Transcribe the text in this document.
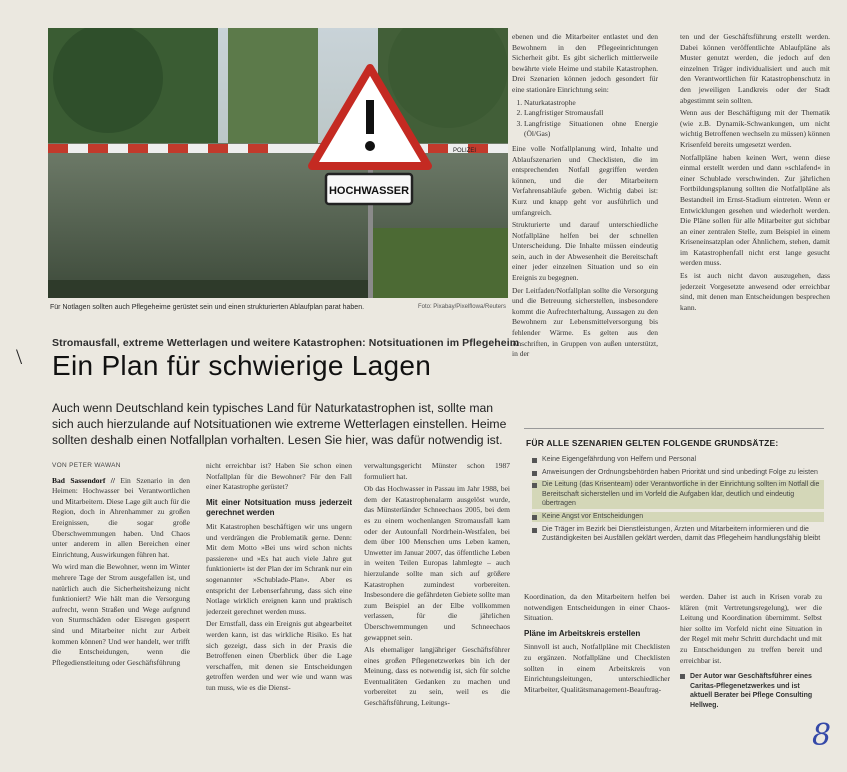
POLIZEI
HOCHWASSER
Für Notlagen sollten auch Pflegeheime gerüstet sein und einen strukturierten Ablaufplan parat haben.	Foto: Pixabay/Pixelflowa/Reuters

ebenen und die Mitarbeiter entlastet und den Bewohnern in den Pflegeeinrichtungen Sicherheit gibt. Es gibt sicherlich mittlerweile bewährte viele Heime und stabile Katastrophen. Drei Szenarien können jedoch gesondert für eine stationäre Einrichtung sein:

1. Naturkatastrophe
2. Langfristiger Stromausfall
3. Langfristige Situationen ohne Energie (Öl/Gas)

Eine volle Notfallplanung wird, Inhalte und Ablaufszenarien und Checklisten, die im entsprechenden Notfall gegriffen werden können, und die der Mitarbeitern Verfahrensabläufe geben. Wichtig dabei ist: Kurz und knapp geht vor ausführlich und umfangreich.

Strukturierte und darauf unterschiedliche Notfallpläne helfen bei der schnellen Unterscheidung. Die Inhalte müssen eindeutig sein, auch in der Abwesenheit die Bereitschaft einer jeder einzelnen Situation und so ein Ereignis zu begegnen.

Der Leitfaden/Notfallplan sollte die Versorgung und die Betreuung sicherstellen, insbesondere kommt die Aufrechterhaltung, Aussagen zu den Bewohnern zur Lebensmittelversorgung bis fehlender Wärme. Es gelten aus den Anschriften, in Gruppen von außen unterstützt, in der

ten und der Geschäftsführung erstellt werden. Dabei können veröffentlichte Ablaufpläne als Muster genutzt werden, die jedoch auf den einzelnen Träger individualisiert und auch mit den Verantwortlichen für Katastrophenschutz in den jeweiligen Landkreis oder der Stadt abgestimmt sein sollten.

Wenn aus der Beschäftigung mit der Thematik (wie z.B. Dynamik-Schwankungen, um nicht wichtig Betroffenen wechseln zu müssen) können Krisenfeld bereits umgesetzt werden.

Notfallpläne haben keinen Wert, wenn diese einmal erstellt werden und dann »schlafend« in einer Schublade verschwinden. Zur jährlichen Fortbildungsplanung sollten die Notfallpläne als Bestandteil im Ernst-Stadium eintreten. Wenn er Entwicklungen gesehen und wiederholt werden. Die Pläne sollen für alle Mitarbeiter gut sichtbar an einer zentralen Stelle, zum Beispiel in einem Kriseneinsatzplan oder Ähnlichem, stehen, damit im Katastrophenfall nicht erst lange gesucht werden muss.

Es ist auch nicht davon auszugehen, dass jederzeit Vorgesetzte anwesend oder erreichbar sind, mit denen man Entscheidungen besprechen kann.

\
Stromausfall, extreme Wetterlagen und weitere Katastrophen: Notsituationen im Pflegeheim
Ein Plan für schwierige Lagen
Auch wenn Deutschland kein typisches Land für Naturkatastrophen ist, sollte man sich auch hierzulande auf Notsituationen wie extreme Wetterlagen einstellen. Heime sollten deshalb einen Notfallplan vorhalten. Lesen Sie hier, was dafür notwendig ist.
VON PETER WAWAN

Bad Sassendorf // Ein Szenario in den Heimen: Hochwasser bei Verantwortlichen und Mitarbeitern. Diese Lage gilt auch für die Region, doch in Ahrenhammer zu großen Ereignissen, die sogar große Überschwemmungen haben. Und Chaos unter anderem in allen Bereichen einer Einrichtung, Auswirkungen führen hat.

Wo wird man die Bewohner, wenn im Winter mehrere Tage der Strom ausgefallen ist, und natürlich auch die Sicherheitsheizung nicht funktioniert? Wie hält man die Versorgung aufrecht, wenn Straßen und Wege aufgrund von Sturmschäden oder Eisregen gesperrt sind und Mitarbeiter nicht zur Arbeit kommen können? Und wer handelt, wer trifft die Entscheidungen, wenn die Pflegedienstleitung oder Geschäftsführung

nicht erreichbar ist? Haben Sie schon einen Notfallplan für die Bewohner? Für den Fall einer Katastrophe gerüstet?

Mit einer Notsituation muss jederzeit gerechnet werden

Mit Katastrophen beschäftigen wir uns ungern und verdrängen die Problematik gerne. Denn: Mit dem Motto »Bei uns wird schon nichts passieren« und »Es hat auch viele Jahre gut funktioniert« ist der Plan der im Schrank nur ein sogenannter »Schublade-Plan«. Aber es entspricht der Lebenserfahrung, dass sich eine Notlage wirklich ereignen kann und praktisch jederzeit gerechnet werden muss.

Der Ernstfall, dass ein Ereignis gut abgearbeitet werden kann, ist das wirkliche Risiko. Es hat sich gezeigt, dass sich in der Praxis die Betroffenen einen Überblick über die Lage verschaffen, mit denen sie Entscheidungen getroffen werden und wer wie und wann was tun muss, wie es die Dienst-

verwaltungsgericht Münster schon 1987 formuliert hat.

Ob das Hochwasser in Passau im Jahr 1988, bei dem der Katastrophenalarm ausgelöst wurde, das Münsterländer Schneechaos 2005, bei dem es zu einem wochenlangen Stromausfall kam oder der Autounfall Nordrhein-Westfalen, bei dem über 100 Menschen ums Leben kamen, Unwetter im Januar 2007, das öffentliche Leben in weiten Teilen Europas lahmlegte – auch hierzulande sollte man sich auf größere Katastrophen zumindest vorbereiten. Insbesondere die gefährdeten Gebiete sollte man zum Beispiel an der Elbe vollkommen verlassen, für die jährlichen Überschwemmungen und Schneechaos gewappnet sein.

Als ehemaliger langjähriger Geschäftsführer eines großen Pflegenetzwerkes bin ich der Meinung, dass es notwendig ist, sich für solche Eventualitäten Gedanken zu machen und vorbereitet zu sein, weil es die Geschäftsführung, Leitungs-

FÜR ALLE SZENARIEN GELTEN FOLGENDE GRUNDSÄTZE:
Keine Eigengefährdung von Helfern und Personal
Anweisungen der Ordnungsbehörden haben Priorität und sind unbedingt Folge zu leisten
Die Leitung (das Krisenteam) oder Verantwortliche in der Einrichtung sollten im Notfall die Bereitschaft sicherstellen und im Vorfeld die Aufgaben klar, deutlich und eindeutig übertragen
Keine Angst vor Entscheidungen
Die Träger im Bezirk bei Dienstleistungen, Ärzten und Mitarbeitern informieren und die Zuständigkeiten bei Ausfällen geklärt werden, damit das Pflegeheim handlungsfähig bleibt

Koordination, da den Mitarbeitern helfen bei notwendigen Entscheidungen in einer Chaos-Situation.

Pläne im Arbeitskreis erstellen

Sinnvoll ist auch, Notfallpläne mit Checklisten zu ergänzen. Notfallpläne und Checklisten sollten in einem Arbeitskreis von Einrichtungsleitungen, unterschiedlicher Mitarbeiter, Qualitätsmanagement-Beauftrag-

werden. Daher ist auch in Krisen vorab zu klären (mit Vertretungsregelung), wer die Leitung und Koordination übernimmt. Selbst hier sollte im Vorfeld nicht eine Situation in der Regel mit mehr Schritt durchdacht und mit zu Entscheidungen zu treffen bereit und erreichbar ist.

Der Autor war Geschäftsführer eines Caritas-Pflegenetzwerkes und ist aktuell Berater bei Pflege Consulting Hellweg.
8
